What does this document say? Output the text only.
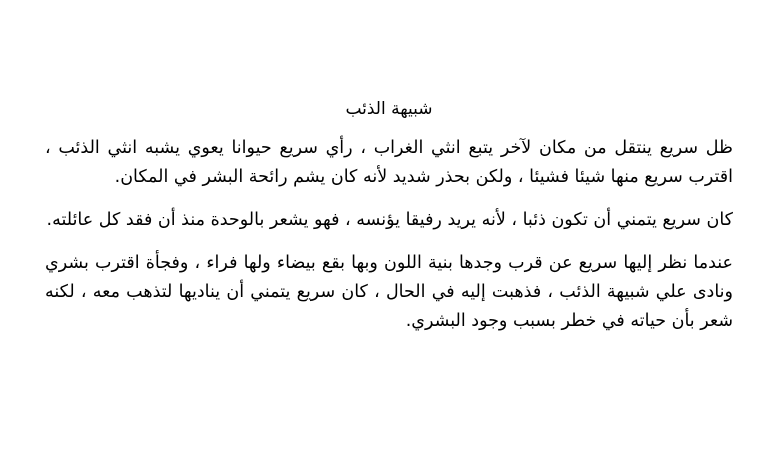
شبيهة الذئب

ظل سريع ينتقل من مكان لآخر يتبع انثي الغراب ، رأي سريع حيوانا يعوي يشبه انثي الذئب ، اقترب سريع منها شيئا فشيئا ، ولكن بحذر شديد لأنه كان يشم رائحة البشر في المكان.

كان سريع يتمني أن تكون ذئبا ، لأنه يريد رفيقا يؤنسه ، فهو يشعر بالوحدة منذ أن فقد كل عائلته.

عندما نظر إليها سريع عن قرب وجدها بنية اللون وبها بقع بيضاء ولها فراء ، وفجأة اقترب بشري ونادى علي شبيهة الذئب ، فذهبت إليه في الحال ، كان سريع يتمني أن يناديها لتذهب معه ، لكنه شعر بأن حياته في خطر بسبب وجود البشري.
